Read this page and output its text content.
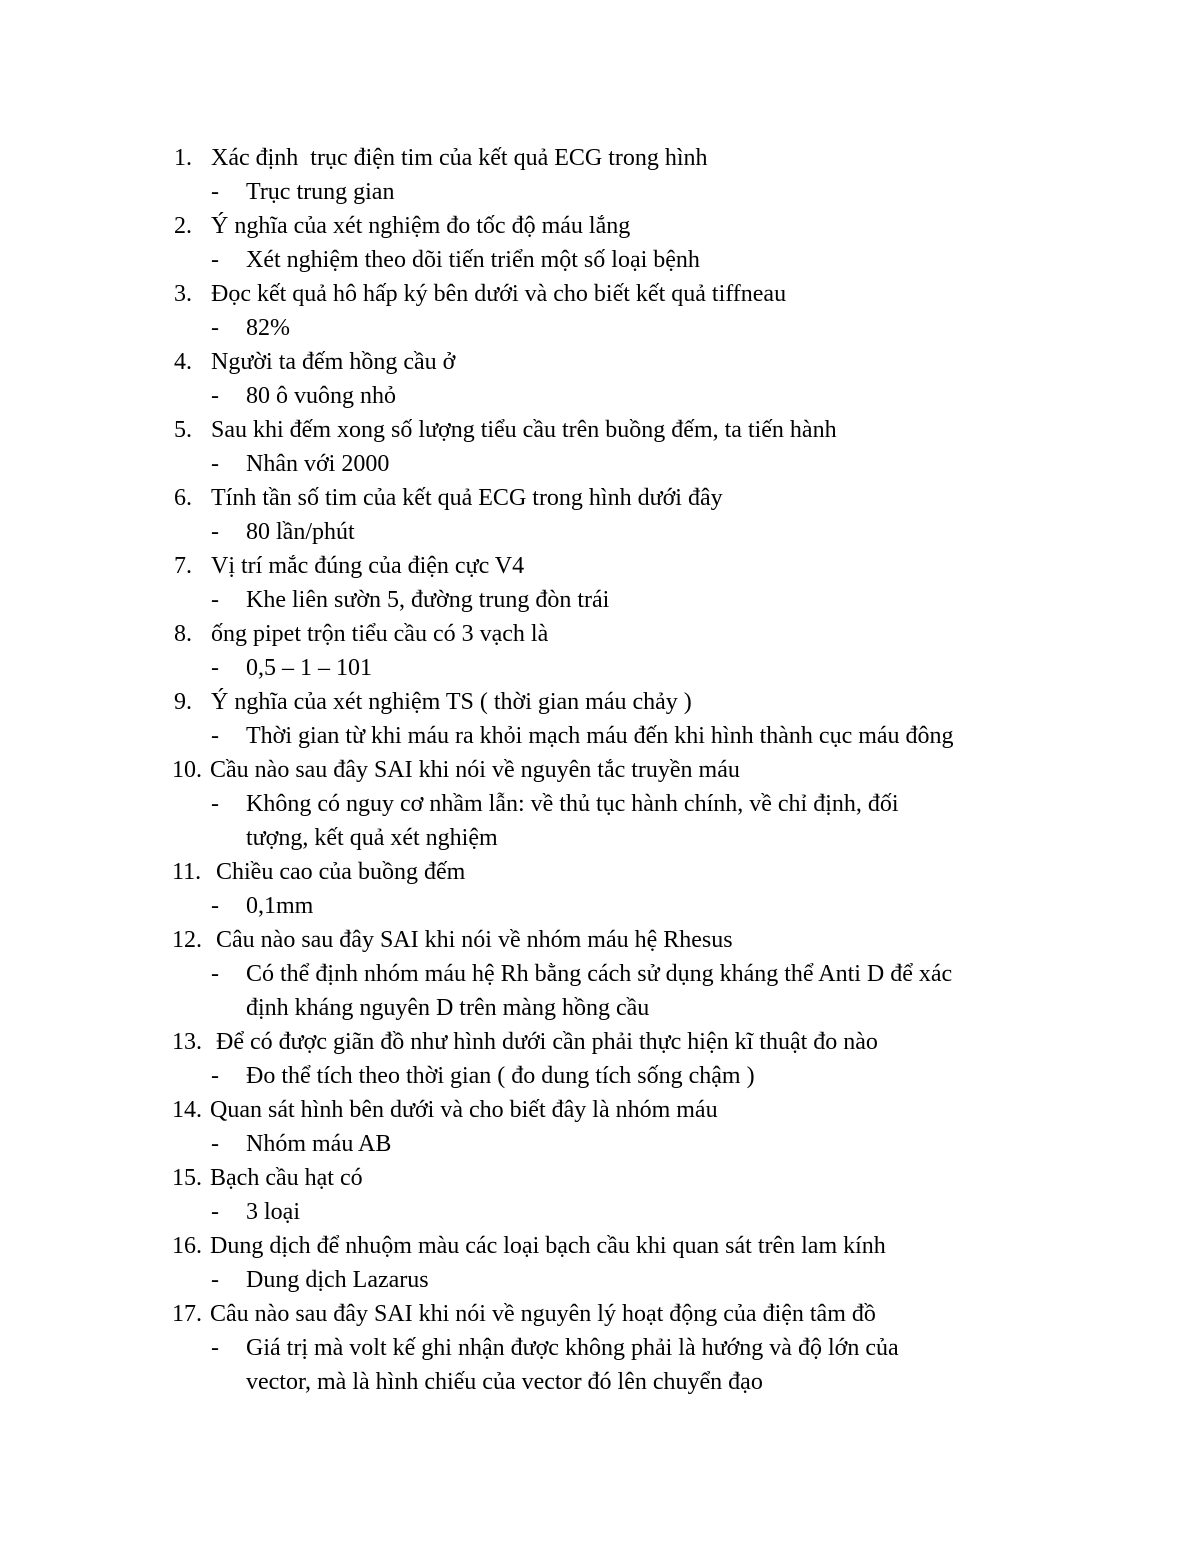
1. Xác định  trục điện tim của kết quả ECG trong hình
- Trục trung gian
2. Ý nghĩa của xét nghiệm đo tốc độ máu lắng
- Xét nghiệm theo dõi tiến triển một số loại bệnh
3. Đọc kết quả hô hấp ký bên dưới và cho biết kết quả tiffneau
- 82%
4. Người ta đếm hồng cầu ở
- 80 ô vuông nhỏ
5. Sau khi đếm xong số lượng tiểu cầu trên buồng đếm, ta tiến hành
- Nhân với 2000
6. Tính tần số tim của kết quả ECG trong hình dưới đây
- 80 lần/phút
7. Vị trí mắc đúng của điện cực V4
- Khe liên sườn 5, đường trung đòn trái
8. ống pipet trộn tiểu cầu có 3 vạch là
- 0,5 – 1 – 101
9. Ý nghĩa của xét nghiệm TS ( thời gian máu chảy )
- Thời gian từ khi máu ra khỏi mạch máu đến khi hình thành cục máu đông
10. Cầu nào sau đây SAI khi nói về nguyên tắc truyền máu
- Không có nguy cơ nhầm lẫn: về thủ tục hành chính, về chỉ định, đối
tượng, kết quả xét nghiệm
11. Chiều cao của buồng đếm
- 0,1mm
12. Câu nào sau đây SAI khi nói về nhóm máu hệ Rhesus
- Có thể định nhóm máu hệ Rh bằng cách sử dụng kháng thể Anti D để xác
định kháng nguyên D trên màng hồng cầu
13. Để có được giãn đồ như hình dưới cần phải thực hiện kĩ thuật đo nào
- Đo thể tích theo thời gian ( đo dung tích sống chậm )
14. Quan sát hình bên dưới và cho biết đây là nhóm máu
- Nhóm máu AB
15. Bạch cầu hạt có
- 3 loại
16. Dung dịch để nhuộm màu các loại bạch cầu khi quan sát trên lam kính
- Dung dịch Lazarus
17. Câu nào sau đây SAI khi nói về nguyên lý hoạt động của điện tâm đồ
- Giá trị mà volt kế ghi nhận được không phải là hướng và độ lớn của
vector, mà là hình chiếu của vector đó lên chuyển đạo
